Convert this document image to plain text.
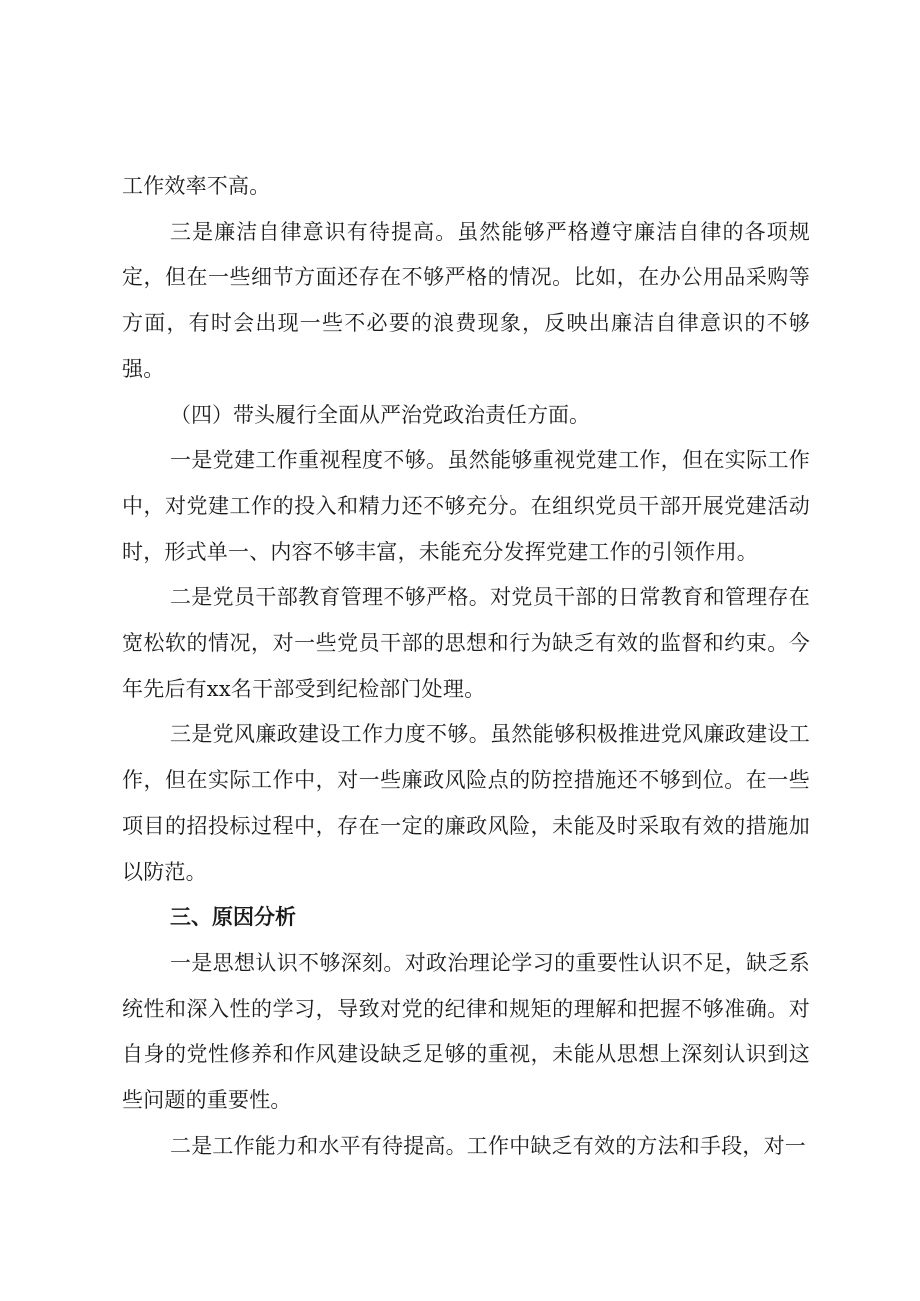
工作效率不高。

三是廉洁自律意识有待提高。虽然能够严格遵守廉洁自律的各项规定，但在一些细节方面还存在不够严格的情况。比如，在办公用品采购等方面，有时会出现一些不必要的浪费现象，反映出廉洁自律意识的不够强。

（四）带头履行全面从严治党政治责任方面。

一是党建工作重视程度不够。虽然能够重视党建工作，但在实际工作中，对党建工作的投入和精力还不够充分。在组织党员干部开展党建活动时，形式单一、内容不够丰富，未能充分发挥党建工作的引领作用。

二是党员干部教育管理不够严格。对党员干部的日常教育和管理存在宽松软的情况，对一些党员干部的思想和行为缺乏有效的监督和约束。今年先后有xx名干部受到纪检部门处理。

三是党风廉政建设工作力度不够。虽然能够积极推进党风廉政建设工作，但在实际工作中，对一些廉政风险点的防控措施还不够到位。在一些项目的招投标过程中，存在一定的廉政风险，未能及时采取有效的措施加以防范。

三、原因分析

一是思想认识不够深刻。对政治理论学习的重要性认识不足，缺乏系统性和深入性的学习，导致对党的纪律和规矩的理解和把握不够准确。对自身的党性修养和作风建设缺乏足够的重视，未能从思想上深刻认识到这些问题的重要性。

二是工作能力和水平有待提高。工作中缺乏有效的方法和手段，对一
